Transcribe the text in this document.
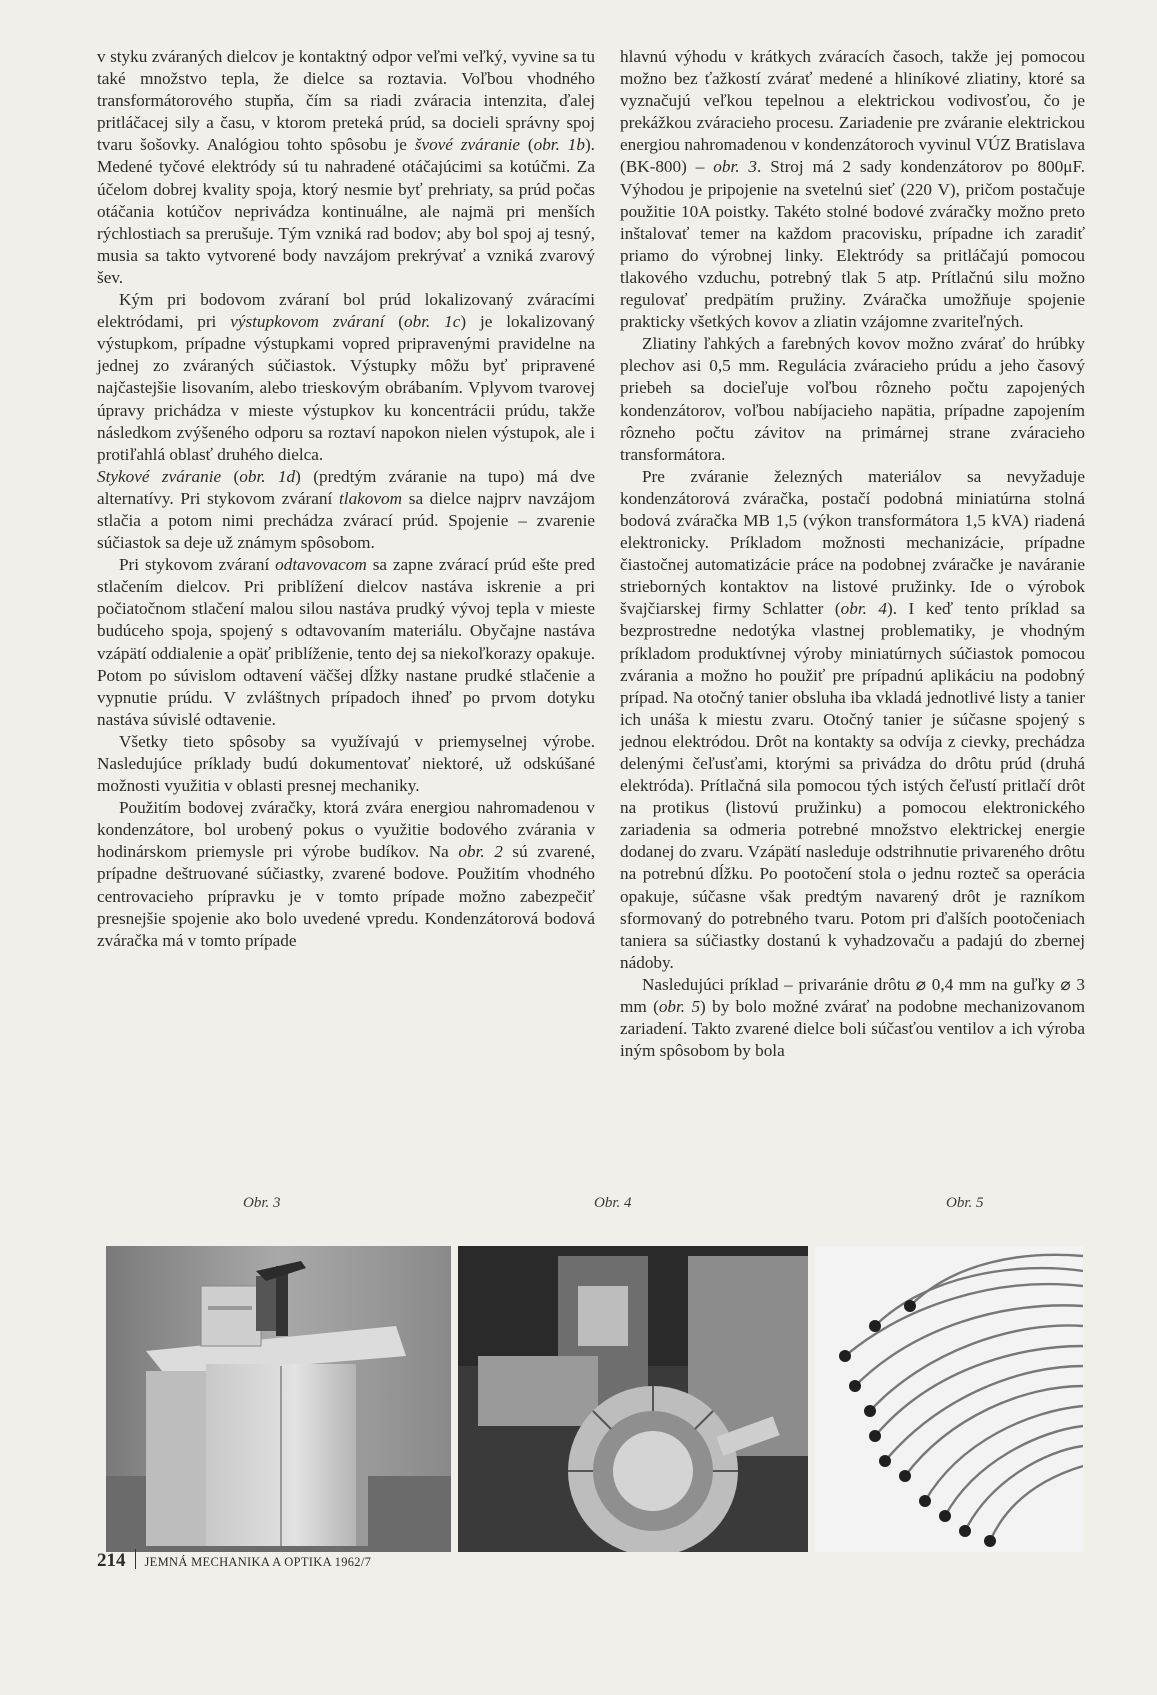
v styku zváraných dielcov je kontaktný odpor veľmi veľký, vyvine sa tu také množstvo tepla, že dielce sa roztavia. Voľbou vhodného transformátorového stupňa, čím sa riadi zváracia intenzita, ďalej pritláčacej sily a času, v ktorom preteká prúd, sa docieli správny spoj tvaru šošovky. Analógiou tohto spôsobu je švové zváranie (obr. 1b). Medené tyčové elektródy sú tu nahradené otáčajúcimi sa kotúčmi. Za účelom dobrej kvality spoja, ktorý nesmie byť prehriaty, sa prúd počas otáčania kotúčov neprivádza kontinuálne, ale najmä pri menších rýchlostiach sa prerušuje. Tým vzniká rad bodov; aby bol spoj aj tesný, musia sa takto vytvorené body navzájom prekrývať a vzniká zvarový šev.

Kým pri bodovom zváraní bol prúd lokalizovaný zváracími elektródami, pri výstupkovom zváraní (obr. 1c) je lokalizovaný výstupkom, prípadne výstupkami vopred pripravenými pravidelne na jednej zo zváraných súčiastok. Výstupky môžu byť pripravené najčastejšie lisovaním, alebo trieskovým obrábaním. Vplyvom tvarovej úpravy prichádza v mieste výstupkov ku koncentrácii prúdu, takže následkom zvýšeného odporu sa roztaví napokon nielen výstupok, ale i protiľahlá oblasť druhého dielca.

Stykové zváranie (obr. 1d) (predtým zváranie na tupo) má dve alternatívy. Pri stykovom zváraní tlakovom sa dielce najprv navzájom stlačia a potom nimi prechádza zvárací prúd. Spojenie – zvarenie súčiastok sa deje už známym spôsobom.

Pri stykovom zváraní odtavovacom sa zapne zvárací prúd ešte pred stlačením dielcov. Pri priblížení dielcov nastáva iskrenie a pri počiatočnom stlačení malou silou nastáva prudký vývoj tepla v mieste budúceho spoja, spojený s odtavovaním materiálu. Obyčajne nastáva vzápätí oddialenie a opäť priblíženie, tento dej sa niekoľkorazy opakuje. Potom po súvislom odtavení väčšej dĺžky nastane prudké stlačenie a vypnutie prúdu. V zvláštnych prípadoch ihneď po prvom dotyku nastáva súvislé odtavenie.

Všetky tieto spôsoby sa využívajú v priemyselnej výrobe. Nasledujúce príklady budú dokumentovať niektoré, už odskúšané možnosti využitia v oblasti presnej mechaniky.

Použitím bodovej zváračky, ktorá zvára energiou nahromadenou v kondenzátore, bol urobený pokus o využitie bodového zvárania v hodinárskom priemysle pri výrobe budíkov. Na obr. 2 sú zvarené, prípadne deštruované súčiastky, zvarené bodove. Použitím vhodného centrovacieho prípravku je v tomto prípade možno zabezpečiť presnejšie spojenie ako bolo uvedené vpredu. Kondenzátorová bodová zváračka má v tomto prípade

hlavnú výhodu v krátkych zváracích časoch, takže jej pomocou možno bez ťažkostí zvárať medené a hliníkové zliatiny, ktoré sa vyznačujú veľkou tepelnou a elektrickou vodivosťou, čo je prekážkou zváracieho procesu. Zariadenie pre zváranie elektrickou energiou nahromadenou v kondenzátoroch vyvinul VÚZ Bratislava (BK-800) – obr. 3. Stroj má 2 sady kondenzátorov po 800μF. Výhodou je pripojenie na svetelnú sieť (220 V), pričom postačuje použitie 10A poistky. Takéto stolné bodové zváračky možno preto inštalovať temer na každom pracovisku, prípadne ich zaradiť priamo do výrobnej linky. Elektródy sa pritláčajú pomocou tlakového vzduchu, potrebný tlak 5 atp. Prítlačnú silu možno regulovať predpätím pružiny. Zváračka umožňuje spojenie prakticky všetkých kovov a zliatin vzájomne zvariteľných.

Zliatiny ľahkých a farebných kovov možno zvárať do hrúbky plechov asi 0,5 mm. Regulácia zváracieho prúdu a jeho časový priebeh sa docieľuje voľbou rôzneho počtu zapojených kondenzátorov, voľbou nabíjacieho napätia, prípadne zapojením rôzneho počtu závitov na primárnej strane zváracieho transformátora.

Pre zváranie železných materiálov sa nevyžaduje kondenzátorová zváračka, postačí podobná miniatúrna stolná bodová zváračka MB 1,5 (výkon transformátora 1,5 kVA) riadená elektronicky. Príkladom možnosti mechanizácie, prípadne čiastočnej automatizácie práce na podobnej zváračke je naváranie strieborných kontaktov na listové pružinky. Ide o výrobok švajčiarskej firmy Schlatter (obr. 4). I keď tento príklad sa bezprostredne nedotýka vlastnej problematiky, je vhodným príkladom produktívnej výroby miniatúrnych súčiastok pomocou zvárania a možno ho použiť pre prípadnú aplikáciu na podobný prípad. Na otočný tanier obsluha iba vkladá jednotlivé listy a tanier ich unáša k miestu zvaru. Otočný tanier je súčasne spojený s jednou elektródou. Drôt na kontakty sa odvíja z cievky, prechádza delenými čeľusťami, ktorými sa privádza do drôtu prúd (druhá elektróda). Prítlačná sila pomocou tých istých čeľustí pritlačí drôt na protikus (listovú pružinku) a pomocou elektronického zariadenia sa odmeria potrebné množstvo elektrickej energie dodanej do zvaru. Vzápätí nasleduje odstrihnutie privareného drôtu na potrebnú dĺžku. Po pootočení stola o jednu rozteč sa operácia opakuje, súčasne však predtým navarený drôt je razníkom sformovaný do potrebného tvaru. Potom pri ďalších pootočeniach taniera sa súčiastky dostanú k vyhadzovaču a padajú do zbernej nádoby.

Nasledujúci príklad – privaránie drôtu ⌀ 0,4 mm na guľky ⌀ 3 mm (obr. 5) by bolo možné zvárať na podobne mechanizovanom zariadení. Takto zvarené dielce boli súčasťou ventilov a ich výroba iným spôsobom by bola

Obr. 3	Obr. 4	Obr. 5
214 JEMNÁ MECHANIKA A OPTIKA 1962/7
